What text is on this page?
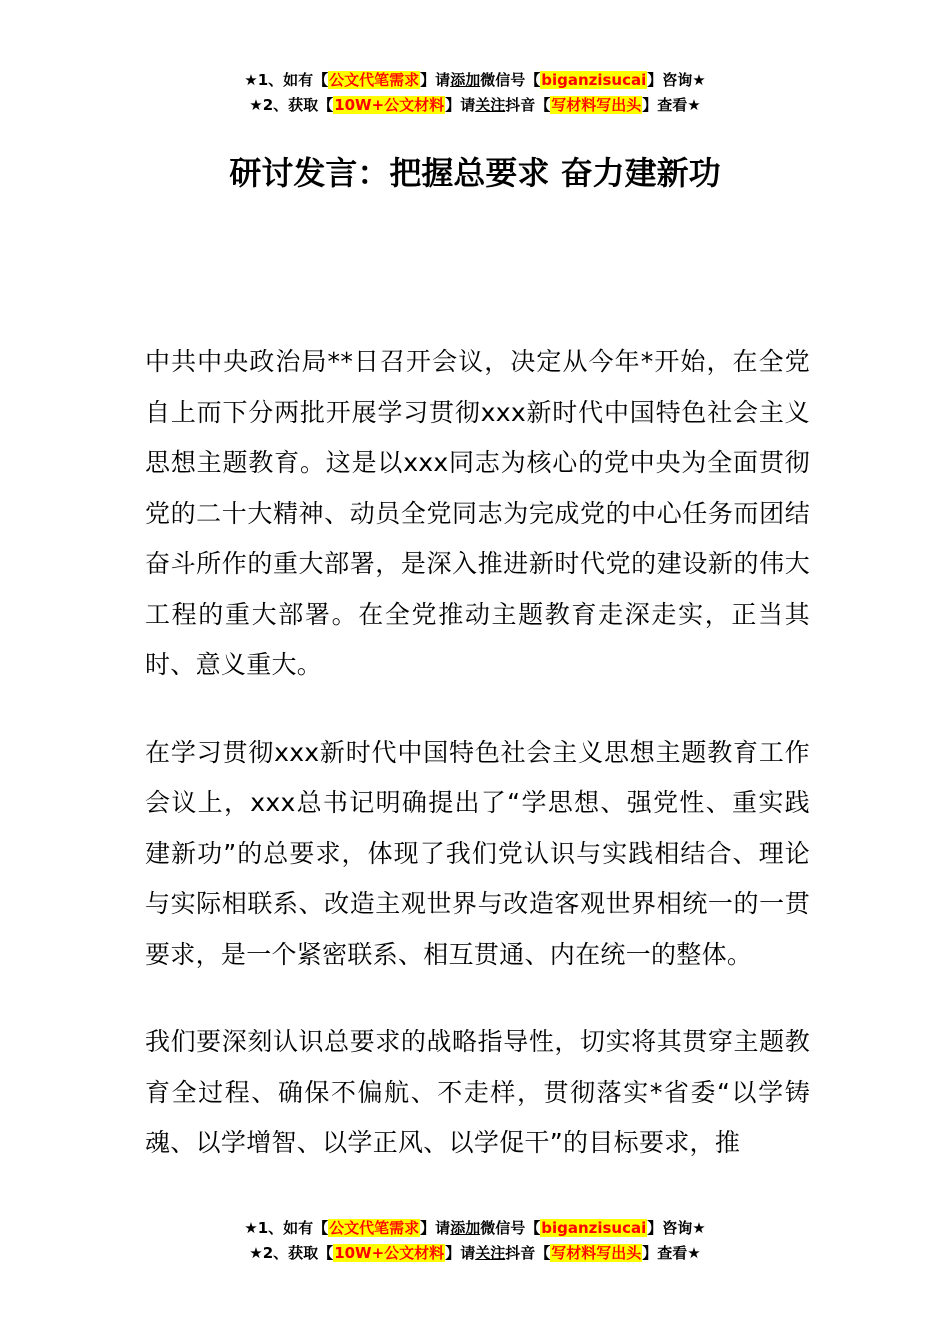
★1、如有【公文代笔需求】请添加微信号【biganzisucai】咨询★
★2、获取【10W+公文材料】请关注抖音【写材料写出头】查看★
研讨发言：把握总要求 奋力建新功

中共中央政治局**日召开会议，决定从今年*开始，在全党自上而下分两批开展学习贯彻xxx新时代中国特色社会主义思想主题教育。这是以xxx同志为核心的党中央为全面贯彻党的二十大精神、动员全党同志为完成党的中心任务而团结奋斗所作的重大部署，是深入推进新时代党的建设新的伟大工程的重大部署。在全党推动主题教育走深走实，正当其时、意义重大。

在学习贯彻xxx新时代中国特色社会主义思想主题教育工作会议上，xxx总书记明确提出了“学思想、强党性、重实践建新功”的总要求，体现了我们党认识与实践相结合、理论与实际相联系、改造主观世界与改造客观世界相统一的一贯要求，是一个紧密联系、相互贯通、内在统一的整体。

我们要深刻认识总要求的战略指导性，切实将其贯穿主题教育全过程、确保不偏航、不走样，贯彻落实*省委“以学铸魂、以学增智、以学正风、以学促干”的目标要求，推

★1、如有【公文代笔需求】请添加微信号【biganzisucai】咨询★
★2、获取【10W+公文材料】请关注抖音【写材料写出头】查看★
